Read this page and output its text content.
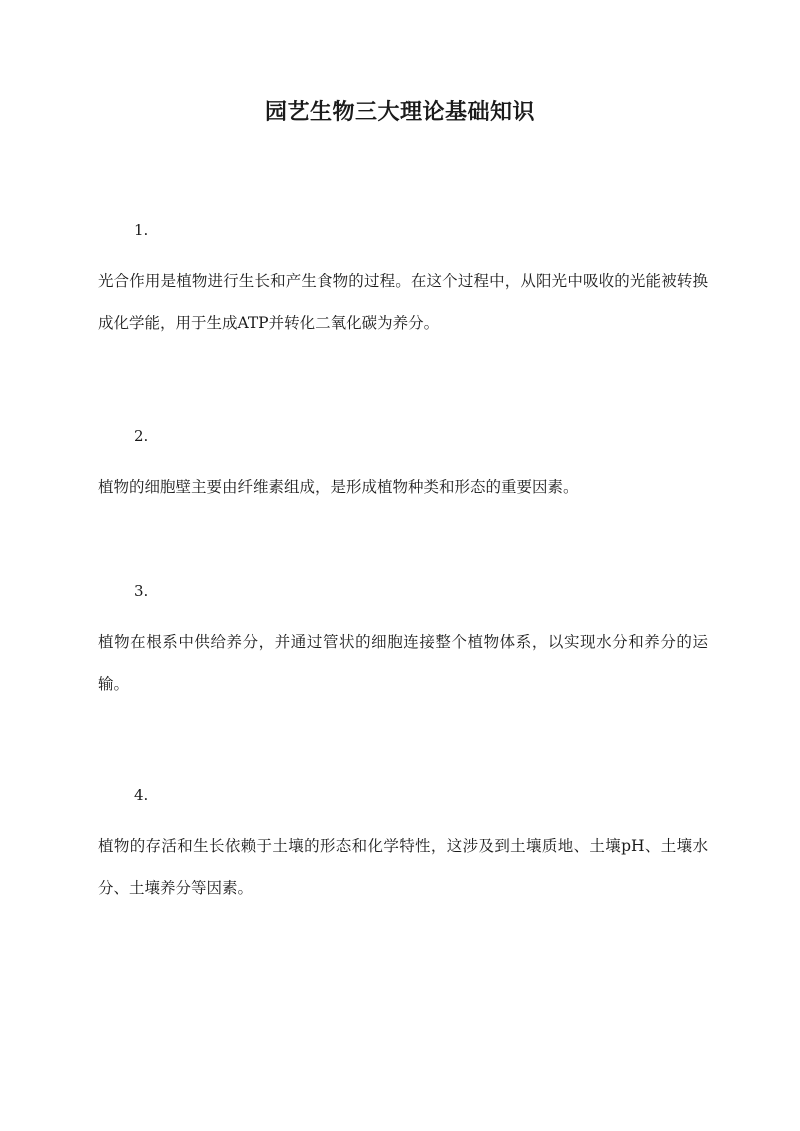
园艺生物三大理论基础知识
1.
光合作用是植物进行生长和产生食物的过程。在这个过程中，从阳光中吸收的光能被转换成化学能，用于生成ATP并转化二氧化碳为养分。
2.
植物的细胞壁主要由纤维素组成，是形成植物种类和形态的重要因素。
3.
植物在根系中供给养分，并通过管状的细胞连接整个植物体系，以实现水分和养分的运输。
4.
植物的存活和生长依赖于土壤的形态和化学特性，这涉及到土壤质地、土壤pH、土壤水分、土壤养分等因素。
